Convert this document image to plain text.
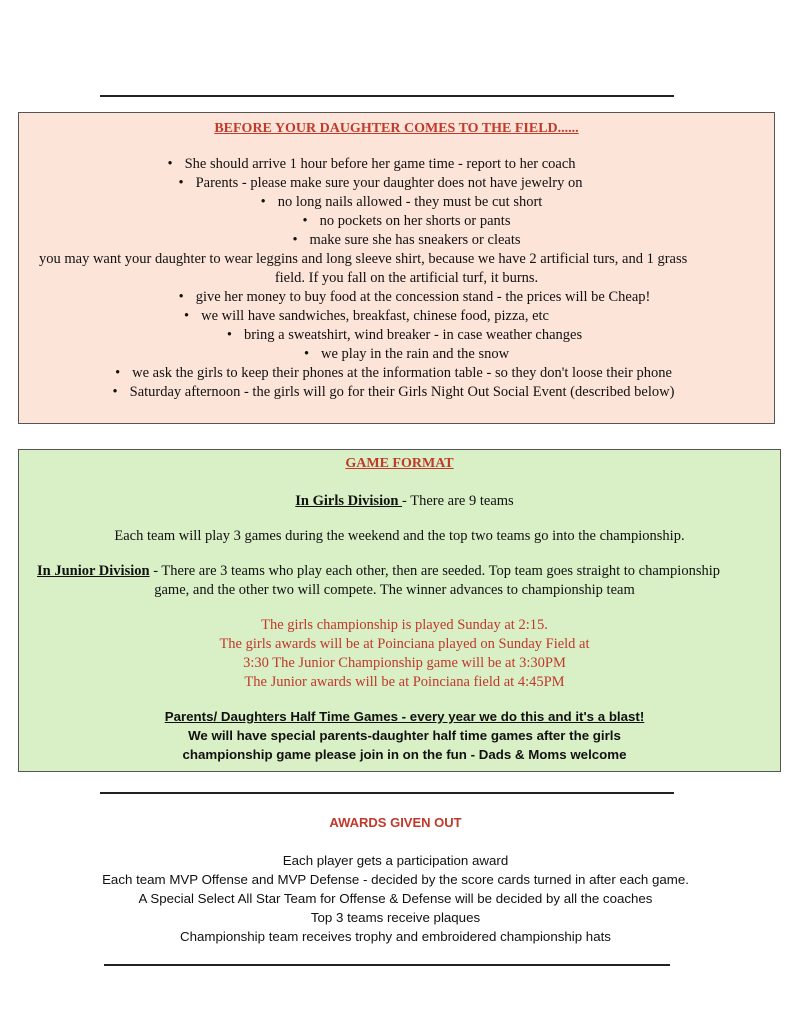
BEFORE YOUR DAUGHTER COMES TO THE FIELD......
• She should arrive 1 hour before her game time - report to her coach
• Parents - please make sure your daughter does not have jewelry on
• no long nails allowed - they must be cut short
• no pockets on her shorts or pants
• make sure she has sneakers or cleats
you may want your daughter to wear leggins and long sleeve shirt, because we have 2 artificial turs, and 1 grass
field. If you fall on the artificial turf, it burns.
• give her money to buy food at the concession stand - the prices will be Cheap!
• we will have sandwiches, breakfast, chinese food, pizza, etc
• bring a sweatshirt, wind breaker - in case weather changes
• we play in the rain and the snow
• we ask the girls to keep their phones at the information table - so they don't loose their phone
• Saturday afternoon - the girls will go for their Girls Night Out Social Event (described below)
GAME FORMAT
In Girls Division - There are 9 teams
Each team will play 3 games during the weekend and the top two teams go into the championship.
In Junior Division - There are 3 teams who play each other, then are seeded. Top team goes straight to championship
game, and the other two will compete. The winner advances to championship team
The girls championship is played Sunday at 2:15.
The girls awards will be at Poinciana played on Sunday Field at
3:30 The Junior Championship game will be at 3:30PM
The Junior awards will be at Poinciana field at 4:45PM
Parents/ Daughters Half Time Games - every year we do this and it's a blast!
We will have special parents-daughter half time games after the girls
championship game please join in on the fun - Dads & Moms welcome
AWARDS GIVEN OUT
Each player gets a participation award
Each team MVP Offense and MVP Defense - decided by the score cards turned in after each game.
A Special Select All Star Team for Offense & Defense will be decided by all the coaches
Top 3 teams receive plaques
Championship team receives trophy and embroidered championship hats
